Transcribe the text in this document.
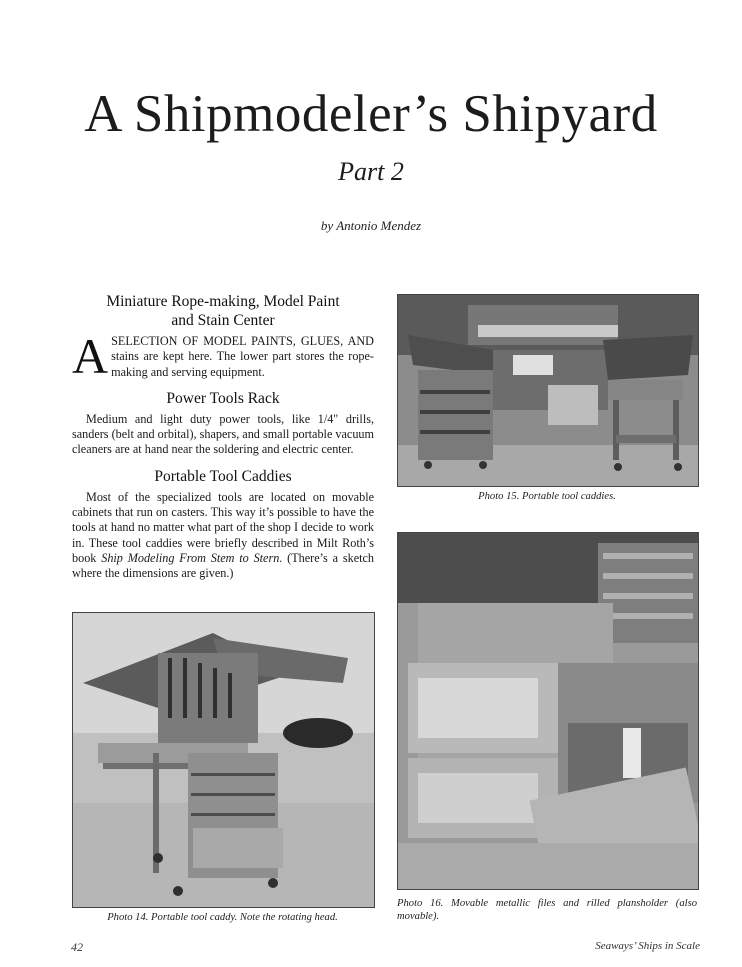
A Shipmodeler’s Shipyard
Part 2
by Antonio Mendez
Miniature Rope-making, Model Paint
and Stain Center

ASELECTION OF MODEL PAINTS, GLUES, AND stains are kept here. The lower part stores the rope-making and serving equipment.

Power Tools Rack

Medium and light duty power tools, like 1/4" drills, sanders (belt and orbital), shapers, and small portable vacuum cleaners are at hand near the soldering and electric center.

Portable Tool Caddies

Most of the specialized tools are located on movable cabinets that run on casters. This way it’s possible to have the tools at hand no matter what part of the shop I decide to work in. These tool caddies were briefly described in Milt Roth’s book Ship Modeling From Stem to Stern. (There’s a sketch where the dimensions are given.)

Photo 15. Portable tool caddies.
Photo 16. Movable metallic files and rilled plansholder (also movable).
Photo 14. Portable tool caddy. Note the rotating head.
42	Seaways’ Ships in Scale
